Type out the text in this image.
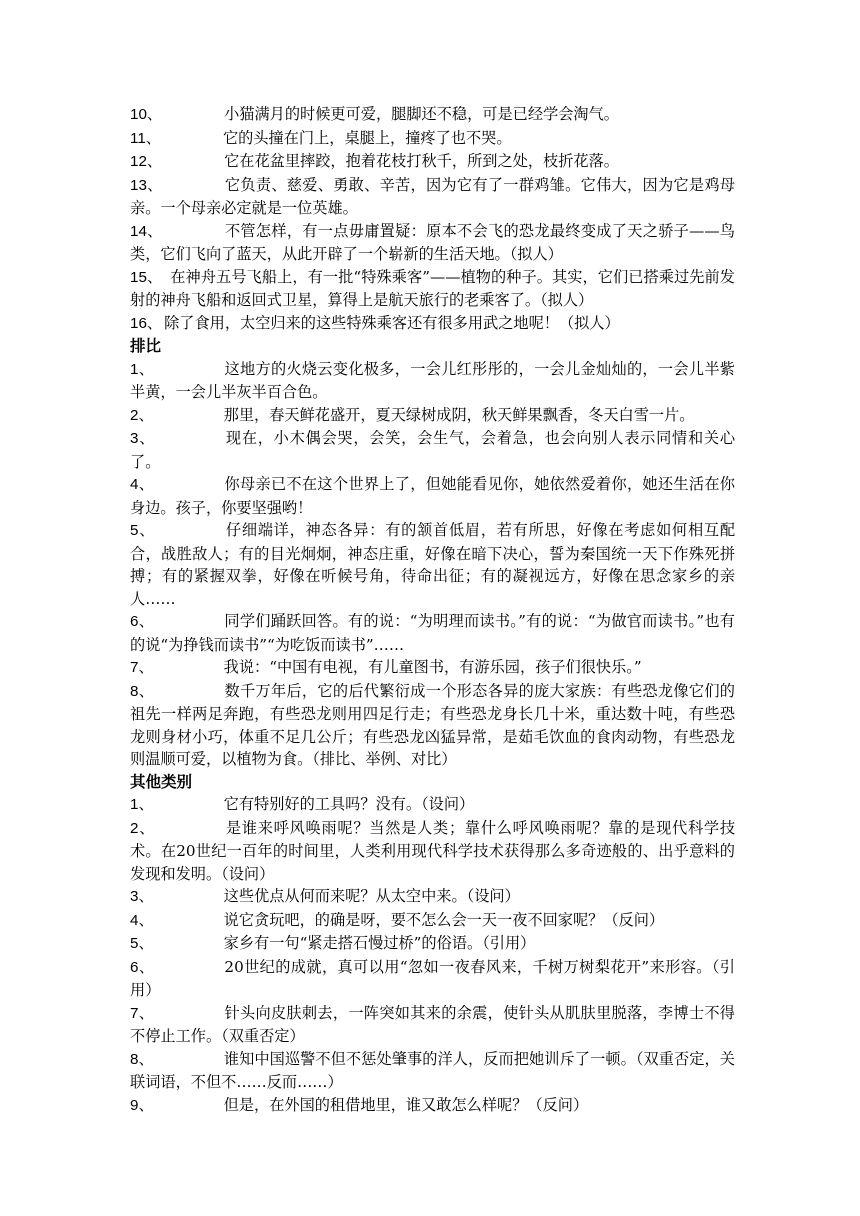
10、	小猫满月的时候更可爱，腿脚还不稳，可是已经学会淘气。

11、	它的头撞在门上，桌腿上，撞疼了也不哭。

12、	它在花盆里摔跤，抱着花枝打秋千，所到之处，枝折花落。

13、	它负责、慈爱、勇敢、辛苦，因为它有了一群鸡雏。它伟大，因为它是鸡母亲。一个母亲必定就是一位英雄。

14、	不管怎样，有一点毋庸置疑：原本不会飞的恐龙最终变成了天之骄子——鸟类，它们飞向了蓝天，从此开辟了一个崭新的生活天地。（拟人）

15、 在神舟五号飞船上，有一批“特殊乘客”——植物的种子。其实，它们已搭乘过先前发射的神舟飞船和返回式卫星，算得上是航天旅行的老乘客了。（拟人）

16、 除了食用，太空归来的这些特殊乘客还有很多用武之地呢！（拟人）

排比

1、	这地方的火烧云变化极多，一会儿红彤彤的，一会儿金灿灿的，一会儿半紫半黄，一会儿半灰半百合色。

2、	那里，春天鲜花盛开，夏天绿树成阴，秋天鲜果飘香，冬天白雪一片。

3、	现在，小木偶会哭，会笑，会生气，会着急，也会向别人表示同情和关心了。

4、	你母亲已不在这个世界上了，但她能看见你，她依然爱着你，她还生活在你身边。孩子，你要坚强哟！

5、	仔细端详，神态各异：有的颔首低眉，若有所思，好像在考虑如何相互配合，战胜敌人；有的目光炯炯，神态庄重，好像在暗下决心，誓为秦国统一天下作殊死拼搏；有的紧握双拳，好像在听候号角，待命出征；有的凝视远方，好像在思念家乡的亲人……

6、	同学们踊跃回答。有的说：“为明理而读书。”有的说：“为做官而读书。”也有的说“为挣钱而读书”“为吃饭而读书”……

7、	我说：“中国有电视，有儿童图书，有游乐园，孩子们很快乐。”

8、	数千万年后，它的后代繁衍成一个形态各异的庞大家族：有些恐龙像它们的祖先一样两足奔跑，有些恐龙则用四足行走；有些恐龙身长几十米，重达数十吨，有些恐龙则身材小巧，体重不足几公斤；有些恐龙凶猛异常，是茹毛饮血的食肉动物，有些恐龙则温顺可爱，以植物为食。（排比、举例、对比）

其他类别

1、	它有特别好的工具吗？没有。（设问）

2、	是谁来呼风唤雨呢？当然是人类；靠什么呼风唤雨呢？靠的是现代科学技术。在20世纪一百年的时间里，人类利用现代科学技术获得那么多奇迹般的、出乎意料的发现和发明。（设问）

3、	这些优点从何而来呢？从太空中来。（设问）

4、	说它贪玩吧，的确是呀，要不怎么会一天一夜不回家呢？（反问）

5、	家乡有一句“紧走搭石慢过桥”的俗语。（引用）

6、	20世纪的成就，真可以用“忽如一夜春风来，千树万树梨花开”来形容。（引用）

7、	针头向皮肤刺去，一阵突如其来的余震，使针头从肌肤里脱落，李博士不得不停止工作。（双重否定）

8、	谁知中国巡警不但不惩处肇事的洋人，反而把她训斥了一顿。（双重否定，关联词语，不但不……反而……）

9、	但是，在外国的租借地里，谁又敢怎么样呢？（反问）
